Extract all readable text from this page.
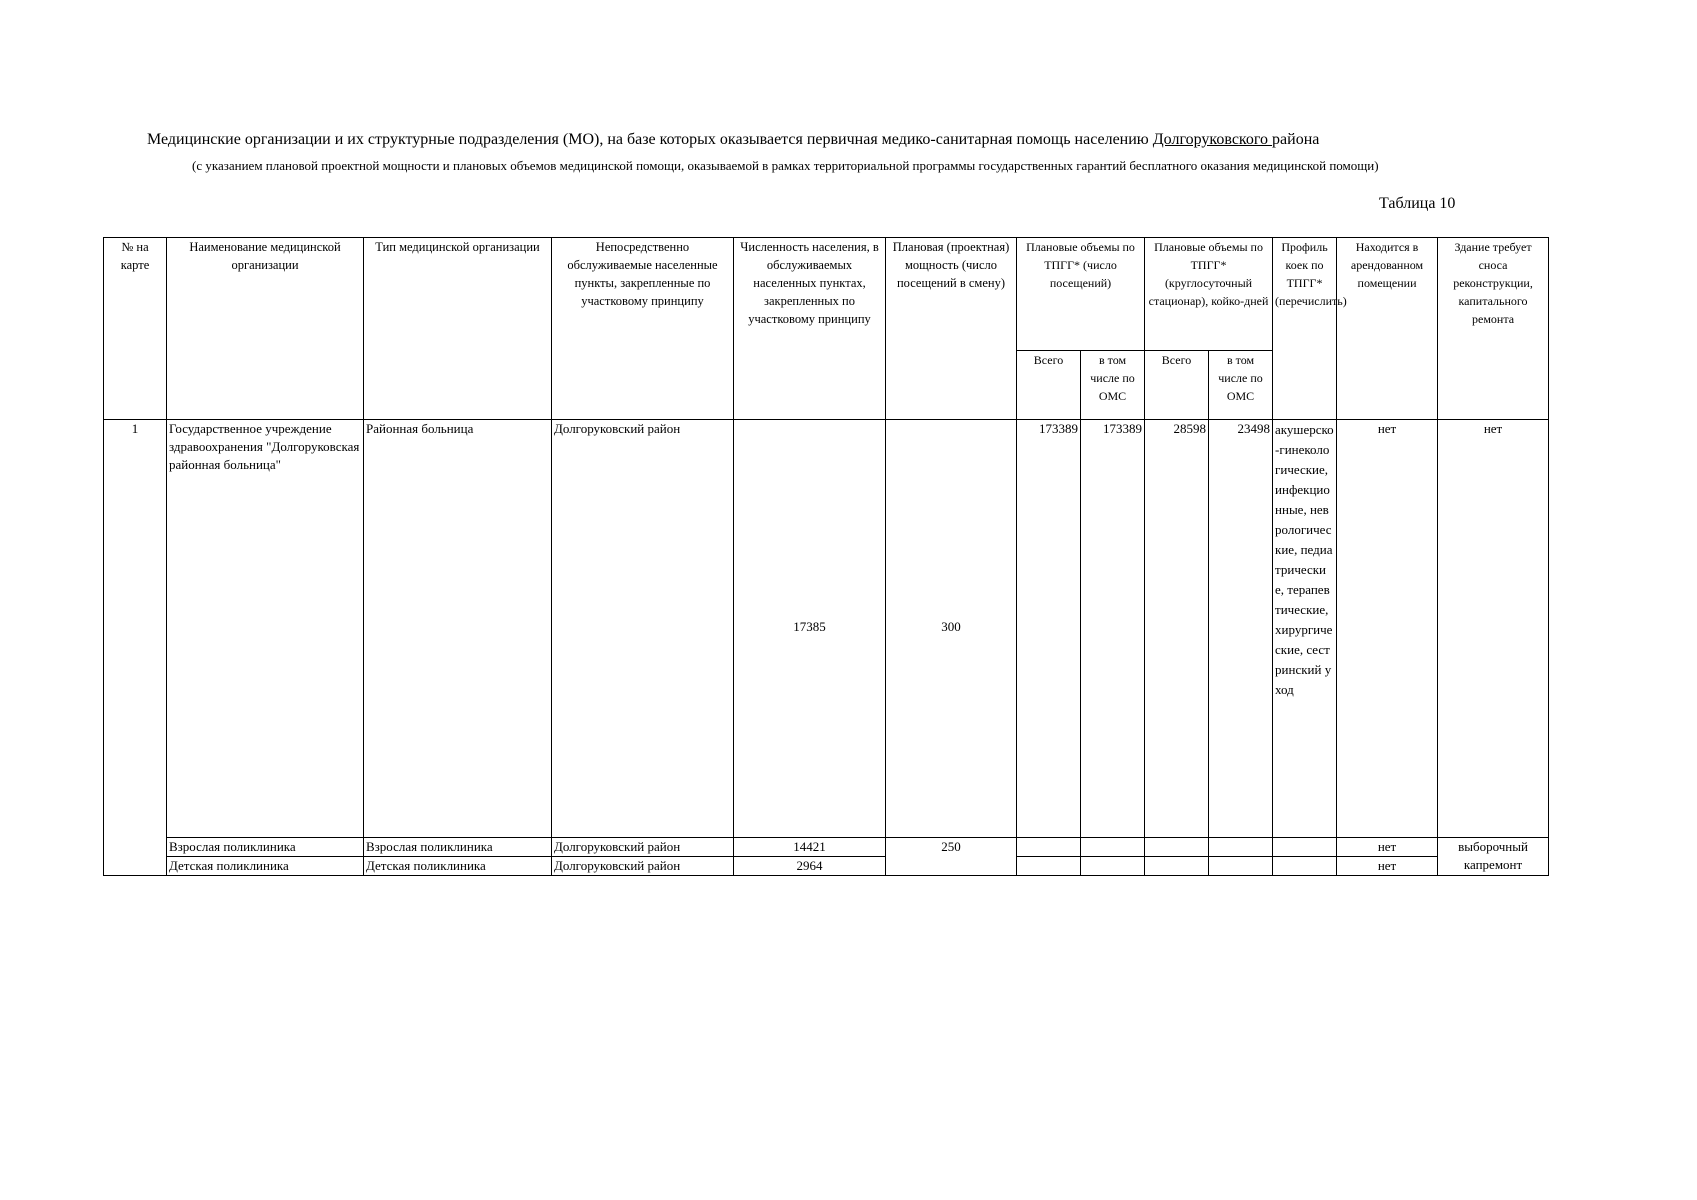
Медицинские организации и их структурные подразделения (МО), на базе которых оказывается первичная медико-санитарная помощь населению Долгоруковского района
(с указанием плановой проектной мощности и плановых объемов медицинской помощи, оказываемой в рамках территориальной программы государственных гарантий бесплатного оказания медицинской помощи)
Таблица 10
№ на карте	Наименование медицинской организации	Тип медицинской организации	Непосредственно обслуживаемые населенные пункты, закрепленные по участковому принципу	Численность населения, в обслуживаемых населенных пунктах, закрепленных по участковому принципу	Плановая (проектная) мощность (число посещений в смену)	Плановые объемы по ТПГГ* (число посещений)		Плановые объемы по ТПГГ* (круглосуточный стационар), койко-дней		Профиль коек по ТПГГ* (перечислить)	Находится в арендованном помещении	Здание требует сноса реконструкции, капитального ремонта
						Всего	в том числе по ОМС	Всего	в том числе по ОМС			
1	Государственное учреждение здравоохранения "Долгоруковская районная больница"	Районная больница	Долгоруковский район	17385	300	173389	173389	28598	23498	акушерско-гинекологические, инфекционные, неврологические, педиатрические, терапевтические, хирургические, сестринский уход	нет	нет
	Взрослая поликлиника	Взрослая поликлиника	Долгоруковский район	14421	250						нет	выборочный капремонт
	Детская поликлиника	Детская поликлиника	Долгоруковский район	2964							нет	
